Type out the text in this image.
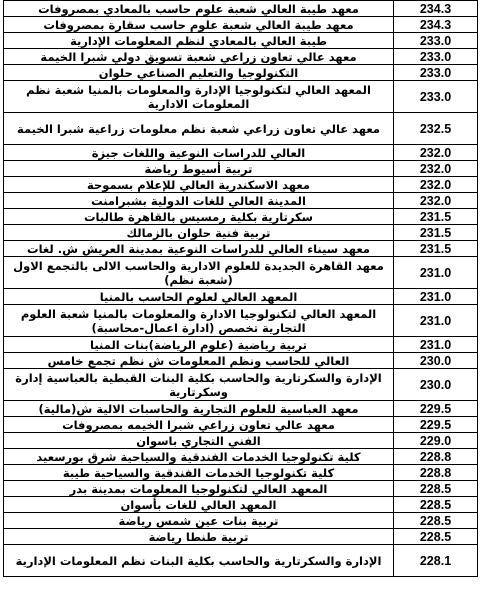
معهد طيبة العالي شعبة علوم حاسب بالمعادي بمصروفات	234.3
معهد طيبة العالي شعبة علوم حاسب سقارة بمصروفات	234.3
طيبة العالي بالمعادي لنظم المعلومات الإدارية	233.0
معهد عالي تعاون زراعي شعبة تسويق دولي شبرا الخيمة	233.0
التكنولوجيا والتعليم الصناعي حلوان	233.0
المعهد العالي لتكنولوجيا الإدارة والمعلومات بالمنيا شعبة نظم المعلومات الادارية	233.0
معهد عالي تعاون زراعي شعبة نظم معلومات زراعية شبرا الخيمة	232.5
العالي للدراسات النوعية واللغات جيزة	232.0
تربية أسيوط رياضة	232.0
معهد الاسكندرية العالي للإعلام بسموحة	232.0
المدينة العالي للغات الدولية بشبرامنت	232.0
سكرتارية بكلية رمسيس بالقاهرة طالبات	231.5
تربية فنية حلوان بالزمالك	231.5
معهد سيناء العالي للدراسات النوعية بمدينة العريش ش. لغات	231.5
معهد القاهرة الجديدة للعلوم الادارية والحاسب الالى بالتجمع الاول (شعبة نظم)	231.0
المعهد العالي لعلوم الحاسب بالمنيا	231.0
المعهد العالي لتكنولوجيا الادارة والمعلومات بالمنيا شعبة العلوم التجارية تخصص (ادارة اعمال-محاسبة)	231.0
تربية رياضية (علوم الرياضة)بنات المنيا	231.0
العالي للحاسب ونظم المعلومات ش نظم تجمع خامس	230.0
الإدارة والسكرتارية والحاسب بكلية البنات القبطية بالعباسية إدارة وسكرتارية	230.0
معهد العباسية للعلوم التجارية والحاسبات الالية ش(مالية)	229.5
معهد عالي تعاون زراعي شبرا الخيمه بمصروفات	229.5
الفني التجاري باسوان	229.0
كلية تكنولوجيا الخدمات الفندقية والسياحية شرق بورسعيد	228.8
كلية تكنولوجيا الخدمات الفندقية والسياحية طيبة	228.8
المعهد العالي لتكنولوجيا المعلومات بمدينة بدر	228.5
المعهد العالي للغات بأسوان	228.5
تربية بنات عين شمس رياضة	228.5
تربية طنطا رياضة	228.5
الإدارة والسكرتارية والحاسب بكلية البنات نظم المعلومات الإدارية	228.1
